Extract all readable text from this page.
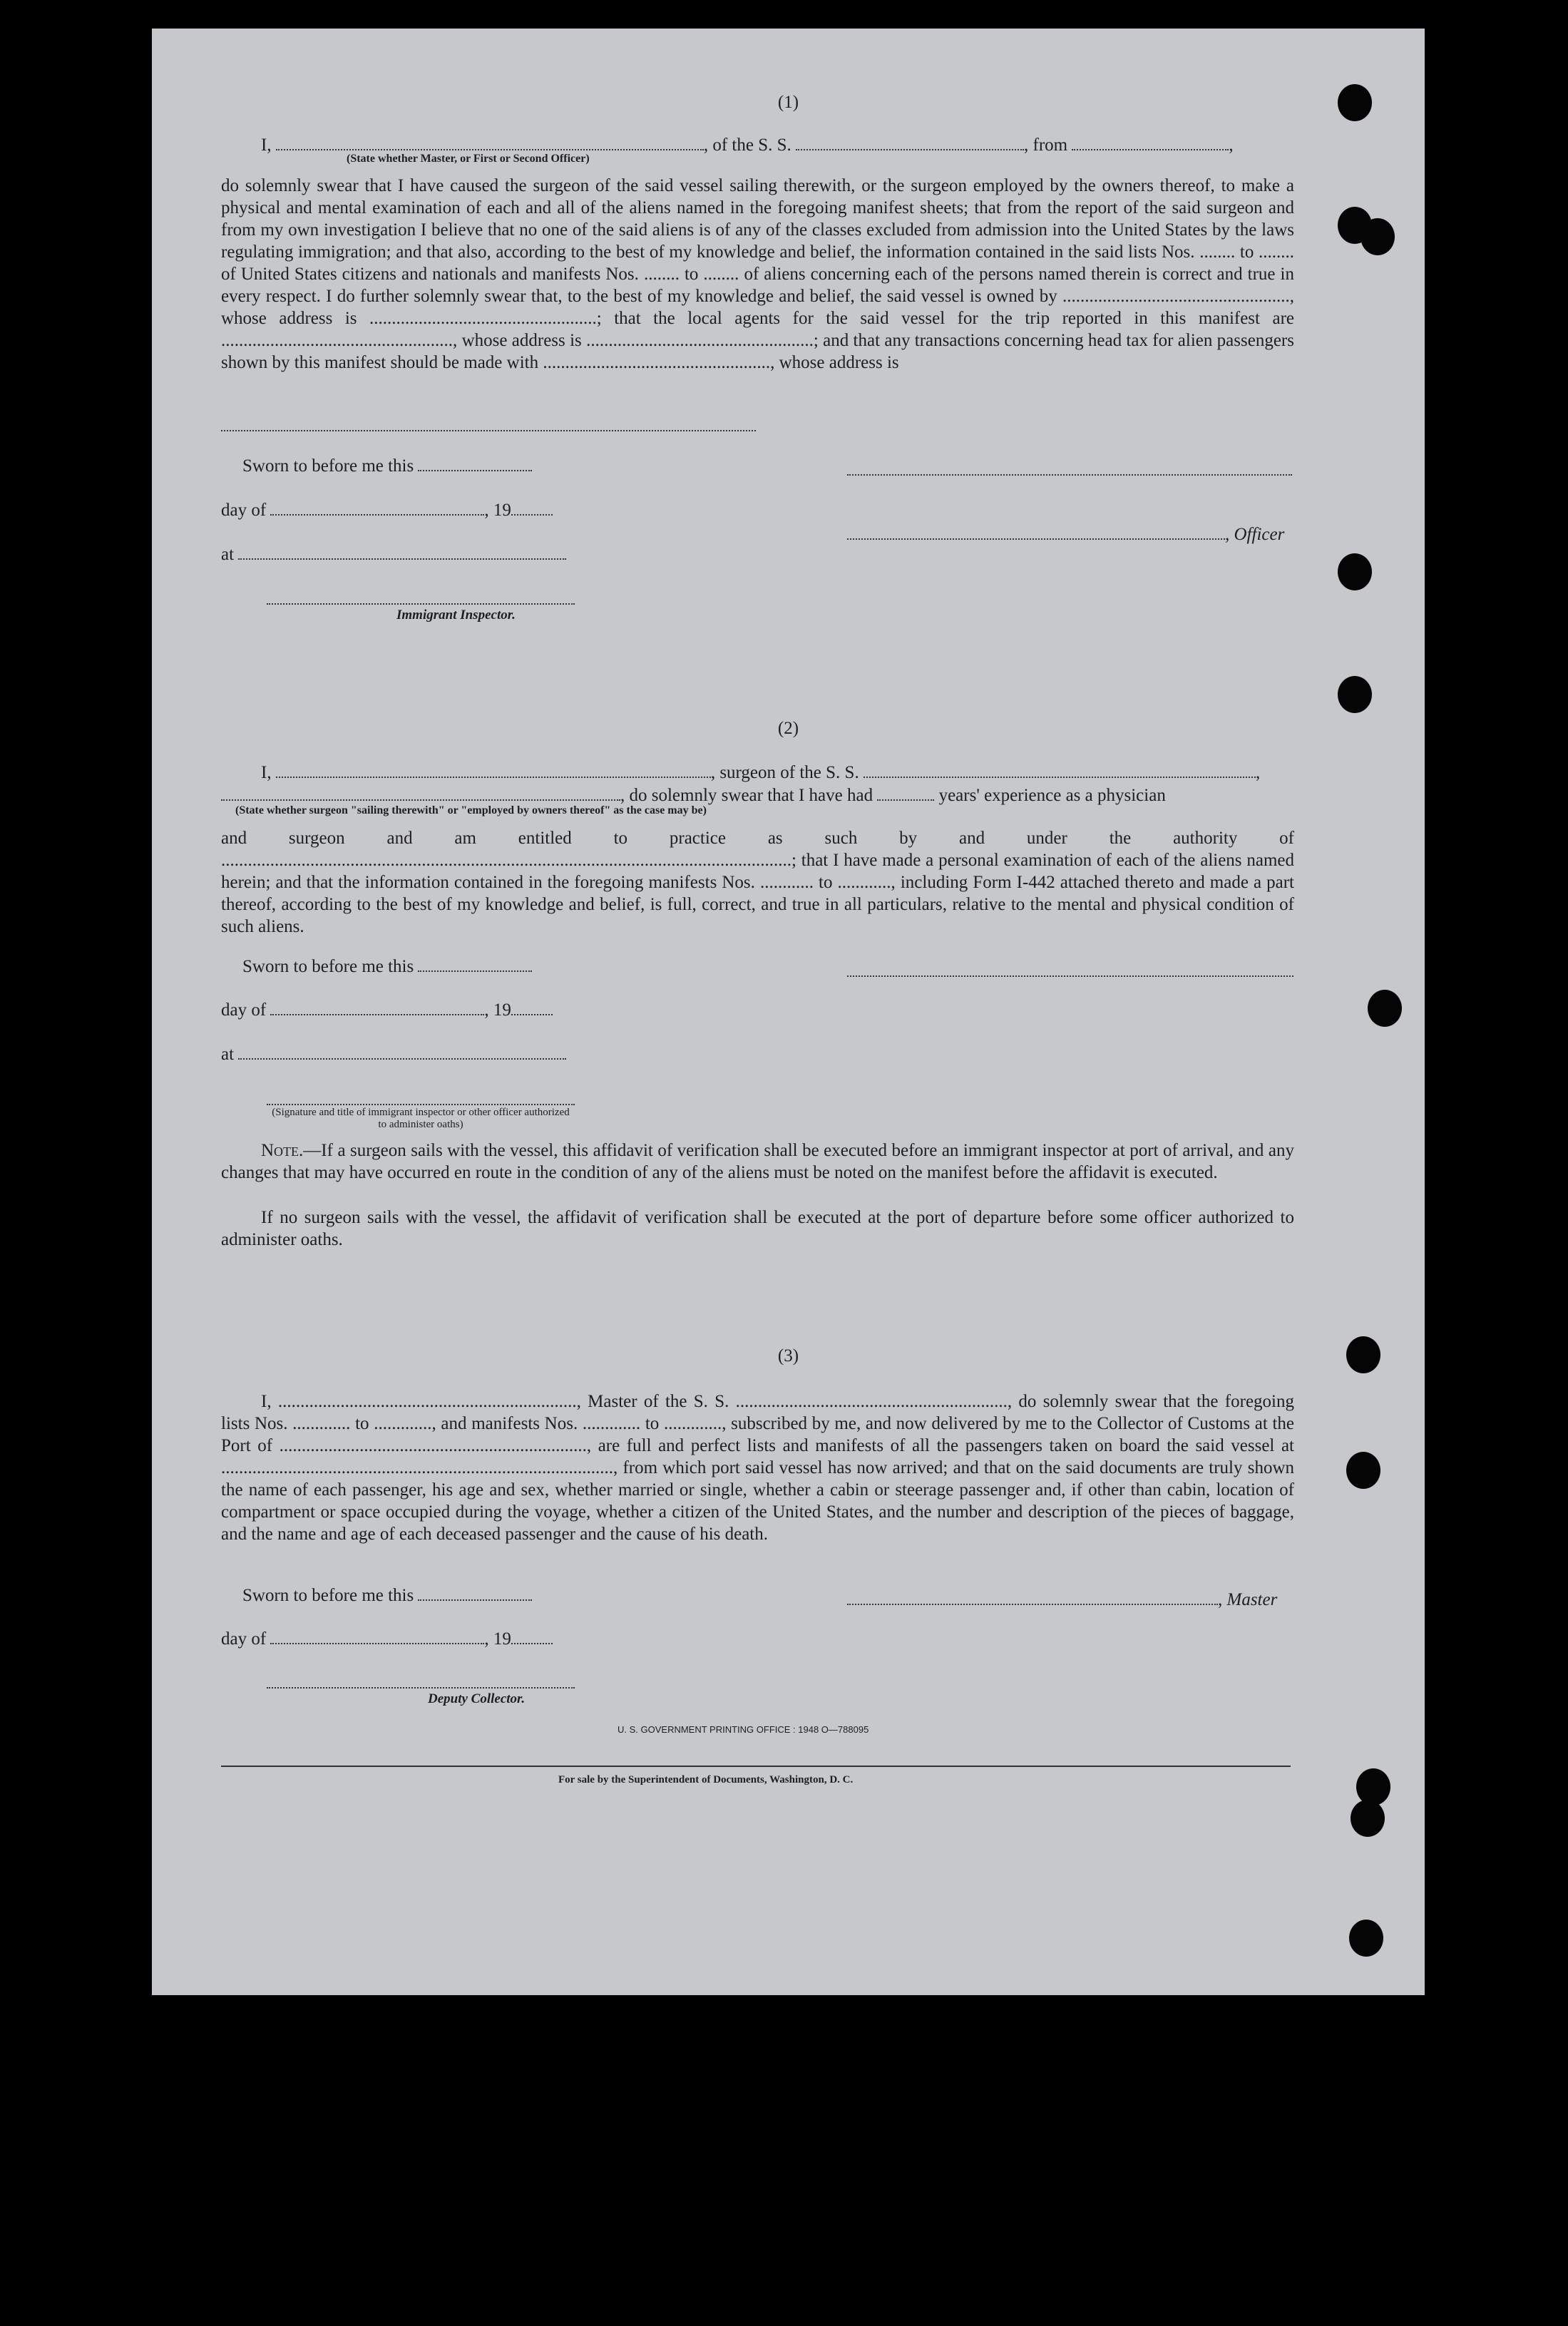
(1)
I,	, of the S. S.	, from	,
(State whether Master, or First or Second Officer)
do solemnly swear that I have caused the surgeon of the said vessel sailing therewith, or the surgeon employed by the owners thereof, to make a physical and mental examination of each and all of the aliens named in the foregoing manifest sheets; that from the report of the said surgeon and from my own investigation I believe that no one of the said aliens is of any of the classes excluded from admission into the United States by the laws regulating immigration; and that also, according to the best of my knowledge and belief, the information contained in the said lists Nos. ........ to ........ of United States citizens and nationals and manifests Nos. ........ to ........ of aliens concerning each of the persons named therein is correct and true in every respect. I do further solemnly swear that, to the best of my knowledge and belief, the said vessel is owned by ..................................................., whose address is ...................................................; that the local agents for the said vessel for the trip reported in this manifest are ...................................................., whose address is ...................................................; and that any transactions concerning head tax for alien passengers shown by this manifest should be made with ..................................................., whose address is
Sworn to before me this
day of	, 19
, Officer
at
Immigrant Inspector.
(2)
I,	, surgeon of the S. S.	,
, do solemnly swear that I have had	years' experience as a physician
(State whether surgeon "sailing therewith" or "employed by owners thereof" as the case may be)
and surgeon and am entitled to practice as such by and under the authority of ................................................................................................................................; that I have made a personal examination of each of the aliens named herein; and that the information contained in the foregoing manifests Nos. ............ to ............, including Form I-442 attached thereto and made a part thereof, according to the best of my knowledge and belief, is full, correct, and true in all particulars, relative to the mental and physical condition of such aliens.
Sworn to before me this
day of	, 19
at
(Signature and title of immigrant inspector or other officer authorized to administer oaths)
Note.—If a surgeon sails with the vessel, this affidavit of verification shall be executed before an immigrant inspector at port of arrival, and any changes that may have occurred en route in the condition of any of the aliens must be noted on the manifest before the affidavit is executed.
If no surgeon sails with the vessel, the affidavit of verification shall be executed at the port of departure before some officer authorized to administer oaths.
(3)
I, ..................................................................., Master of the S. S. ............................................................., do solemnly swear that the foregoing lists Nos. ............. to ............., and manifests Nos. ............. to ............., subscribed by me, and now delivered by me to the Collector of Customs at the Port of ....................................................................., are full and perfect lists and manifests of all the passengers taken on board the said vessel at ........................................................................................, from which port said vessel has now arrived; and that on the said documents are truly shown the name of each passenger, his age and sex, whether married or single, whether a cabin or steerage passenger and, if other than cabin, location of compartment or space occupied during the voyage, whether a citizen of the United States, and the number and description of the pieces of baggage, and the name and age of each deceased passenger and the cause of his death.
Sworn to before me this	, Master
day of	, 19
Deputy Collector.
U. S. GOVERNMENT PRINTING OFFICE : 1948 O—788095
For sale by the Superintendent of Documents, Washington, D. C.
